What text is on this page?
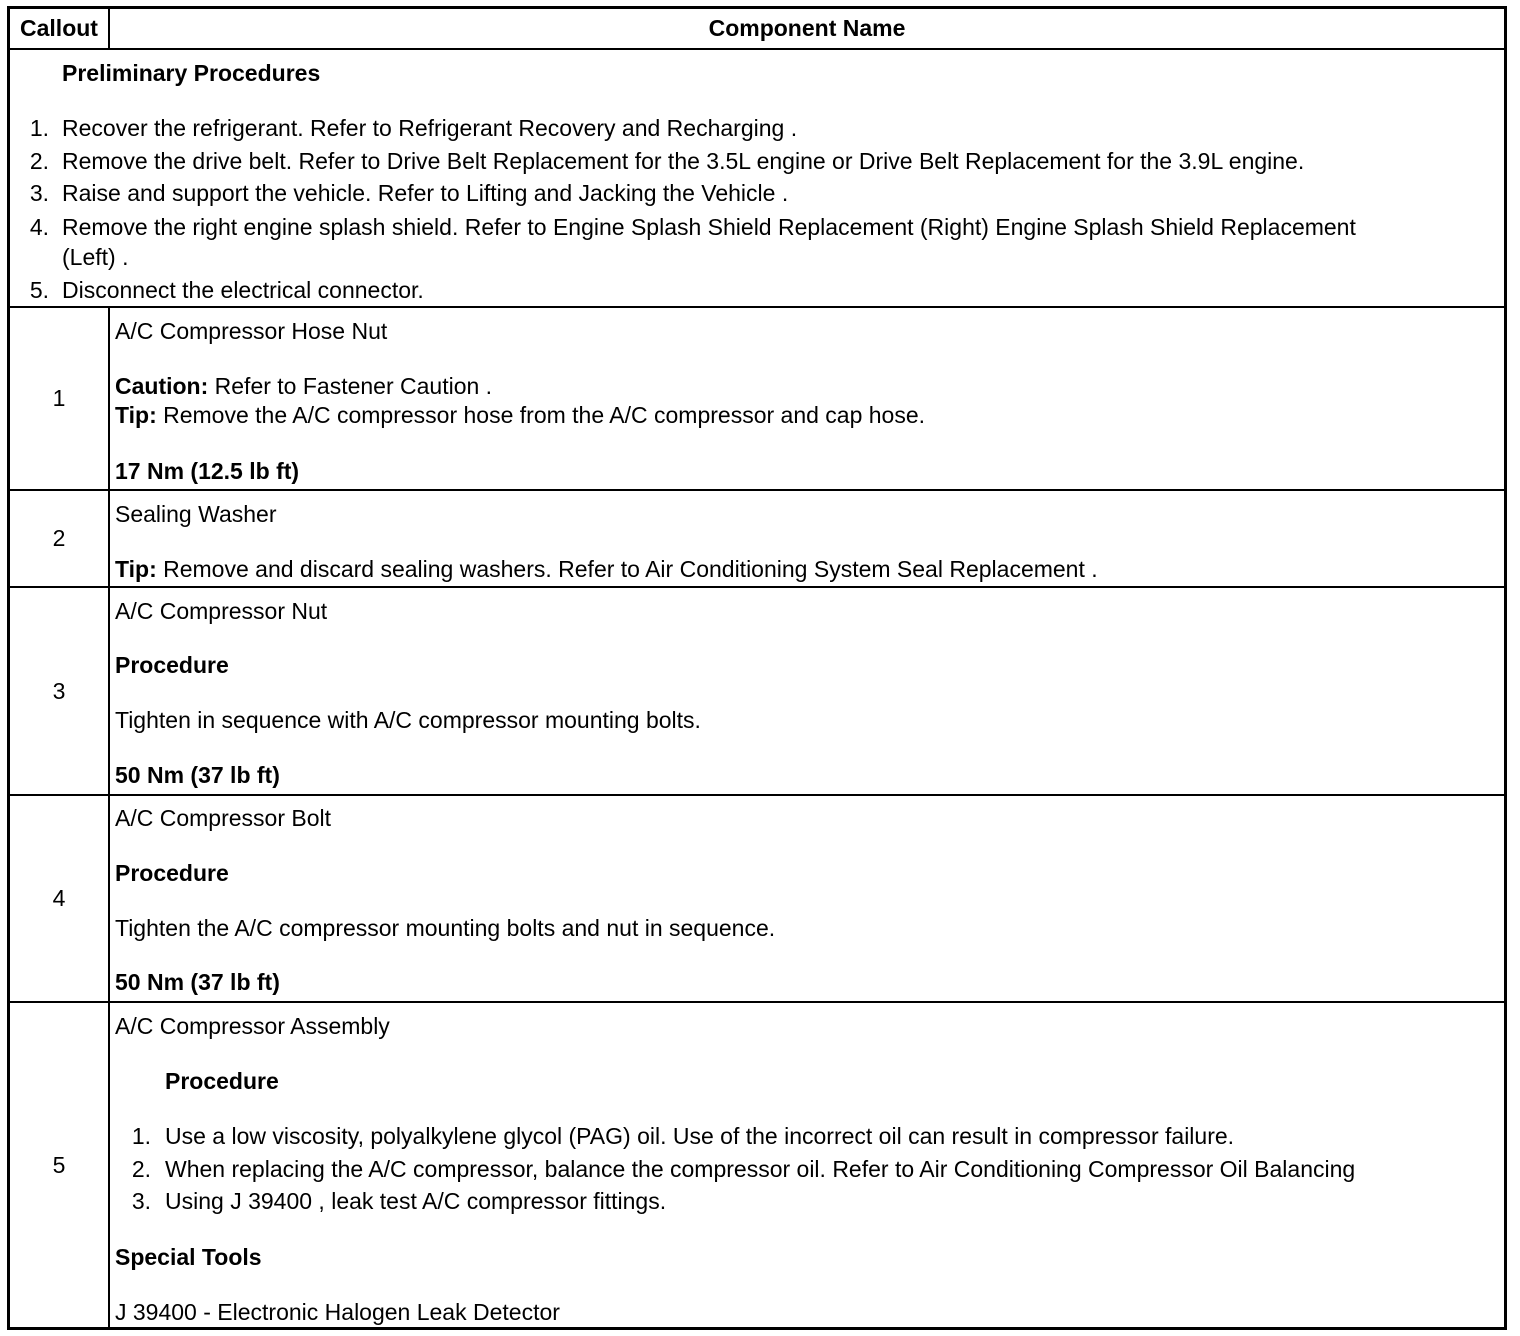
Callout	Component Name
Preliminary Procedures
1. Recover the refrigerant. Refer to Refrigerant Recovery and Recharging .
2. Remove the drive belt. Refer to Drive Belt Replacement for the 3.5L engine or Drive Belt Replacement for the 3.9L engine.
3. Raise and support the vehicle. Refer to Lifting and Jacking the Vehicle .
4. Remove the right engine splash shield. Refer to Engine Splash Shield Replacement (Right) Engine Splash Shield Replacement
(Left) .
5. Disconnect the electrical connector.
1
A/C Compressor Hose Nut
Caution: Refer to Fastener Caution .
Tip: Remove the A/C compressor hose from the A/C compressor and cap hose.
17 Nm (12.5 lb ft)
2
Sealing Washer
Tip: Remove and discard sealing washers. Refer to Air Conditioning System Seal Replacement .
3
A/C Compressor Nut
Procedure
Tighten in sequence with A/C compressor mounting bolts.
50 Nm (37 lb ft)
4
A/C Compressor Bolt
Procedure
Tighten the A/C compressor mounting bolts and nut in sequence.
50 Nm (37 lb ft)
5
A/C Compressor Assembly
Procedure
1. Use a low viscosity, polyalkylene glycol (PAG) oil. Use of the incorrect oil can result in compressor failure.
2. When replacing the A/C compressor, balance the compressor oil. Refer to Air Conditioning Compressor Oil Balancing
3. Using J 39400 , leak test A/C compressor fittings.
Special Tools
J 39400 - Electronic Halogen Leak Detector
